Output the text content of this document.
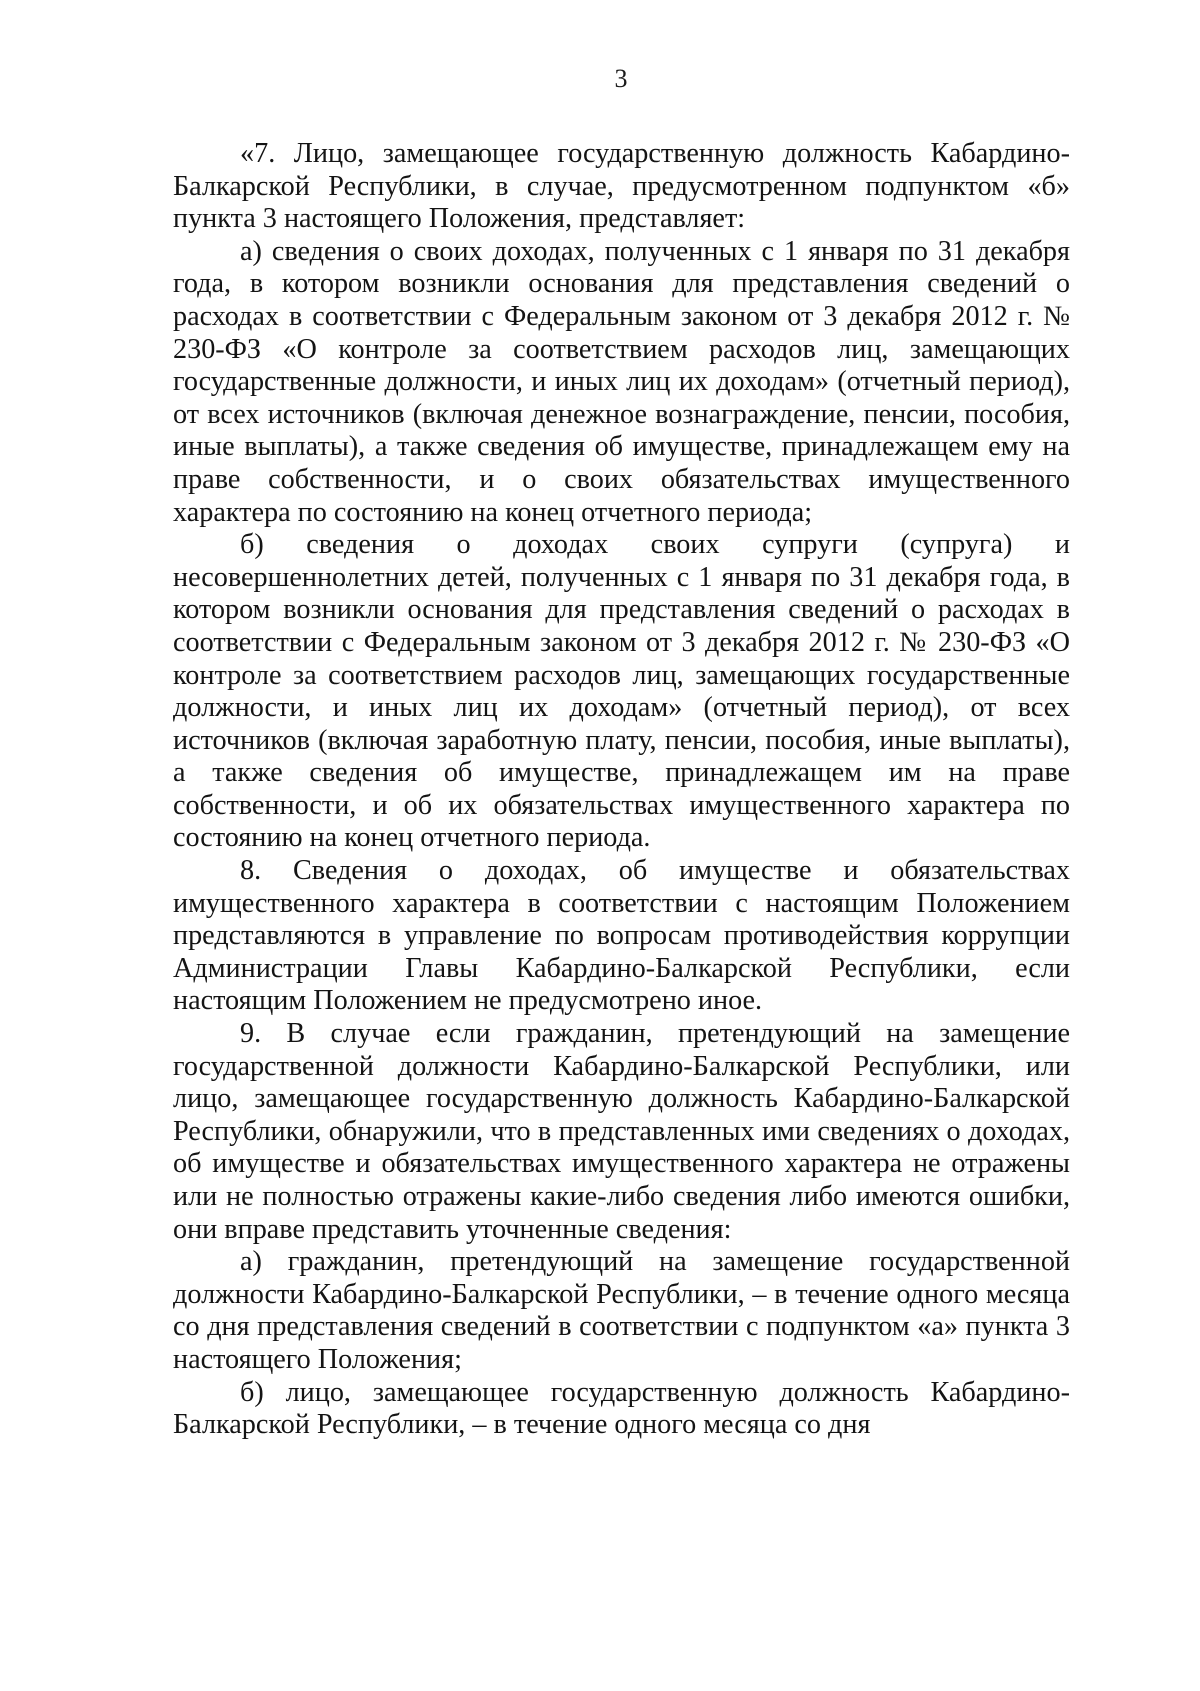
3

«7. Лицо, замещающее государственную должность Кабардино-Балкарской Республики, в случае, предусмотренном подпунктом «б» пункта 3 настоящего Положения, представляет:

а) сведения о своих доходах, полученных с 1 января по 31 декабря года, в котором возникли основания для представления сведений о расходах в соответствии с Федеральным законом от 3 декабря 2012 г. № 230-ФЗ «О контроле за соответствием расходов лиц, замещающих государственные должности, и иных лиц их доходам» (отчетный период), от всех источников (включая денежное вознаграждение, пенсии, пособия, иные выплаты), а также сведения об имуществе, принадлежащем ему на праве собственности, и о своих обязательствах имущественного характера по состоянию на конец отчетного периода;

б) сведения о доходах своих супруги (супруга) и несовершеннолетних детей, полученных с 1 января по 31 декабря года, в котором возникли основания для представления сведений о расходах в соответствии с Федеральным законом от 3 декабря 2012 г. № 230-ФЗ «О контроле за соответствием расходов лиц, замещающих государственные должности, и иных лиц их доходам» (отчетный период), от всех источников (включая заработную плату, пенсии, пособия, иные выплаты), а также сведения об имуществе, принадлежащем им на праве собственности, и об их обязательствах имущественного характера по состоянию на конец отчетного периода.

8. Сведения о доходах, об имуществе и обязательствах имущественного характера в соответствии с настоящим Положением представляются в управление по вопросам противодействия коррупции Администрации Главы Кабардино-Балкарской Республики, если настоящим Положением не предусмотрено иное.

9. В случае если гражданин, претендующий на замещение государственной должности Кабардино-Балкарской Республики, или лицо, замещающее государственную должность Кабардино-Балкарской Республики, обнаружили, что в представленных ими сведениях о доходах, об имуществе и обязательствах имущественного характера не отражены или не полностью отражены какие-либо сведения либо имеются ошибки, они вправе представить уточненные сведения:

а) гражданин, претендующий на замещение государственной должности Кабардино-Балкарской Республики, – в течение одного месяца со дня представления сведений в соответствии с подпунктом «а» пункта 3 настоящего Положения;

б) лицо, замещающее государственную должность Кабардино-Балкарской Республики, – в течение одного месяца со дня
